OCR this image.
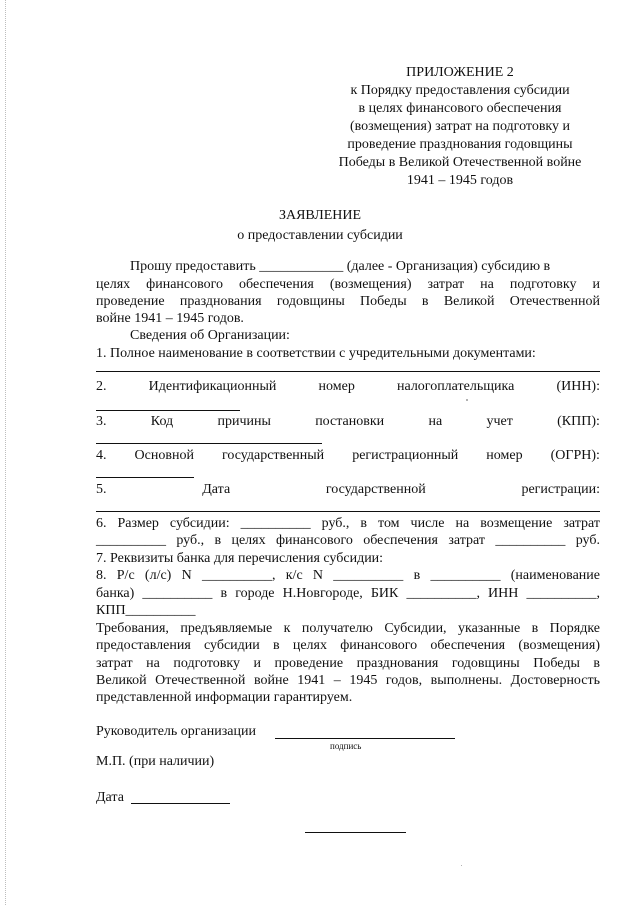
ПРИЛОЖЕНИЕ 2
к Порядку предоставления субсидии
в целях финансового обеспечения
(возмещения) затрат на подготовку и
проведение празднования годовщины
Победы в Великой Отечественной войне
1941 – 1945 годов
ЗАЯВЛЕНИЕ
о предоставлении субсидии
Прошу предоставить ____________ (далее - Организация) субсидию в
целях финансового обеспечения (возмещения) затрат на подготовку и
проведение празднования годовщины Победы в Великой Отечественной
войне 1941 – 1945 годов.
Сведения об Организации:
1. Полное наименование в соответствии с учредительными документами:
2.	Идентификационный	номер	налогоплательщика	(ИНН):
3.	Код	причины	постановки	на	учет	(КПП):
4. Основной государственный регистрационный номер (ОГРН):
5.	Дата	государственной	регистрации:
6. Размер субсидии: __________ руб., в том числе на возмещение затрат
__________ руб., в целях финансового обеспечения затрат __________ руб.
7. Реквизиты банка для перечисления субсидии:
8. Р/с (л/с) N __________, к/с N __________ в __________ (наименование
банка) __________ в городе Н.Новгороде, БИК __________, ИНН __________,
КПП__________
Требования, предъявляемые к получателю Субсидии, указанные в Порядке
предоставления субсидии в целях финансового обеспечения (возмещения)
затрат на подготовку и проведение празднования годовщины Победы в
Великой Отечественной войне 1941 – 1945 годов, выполнены. Достоверность
представленной информации гарантируем.
Руководитель организации
подпись
М.П. (при наличии)
Дата
